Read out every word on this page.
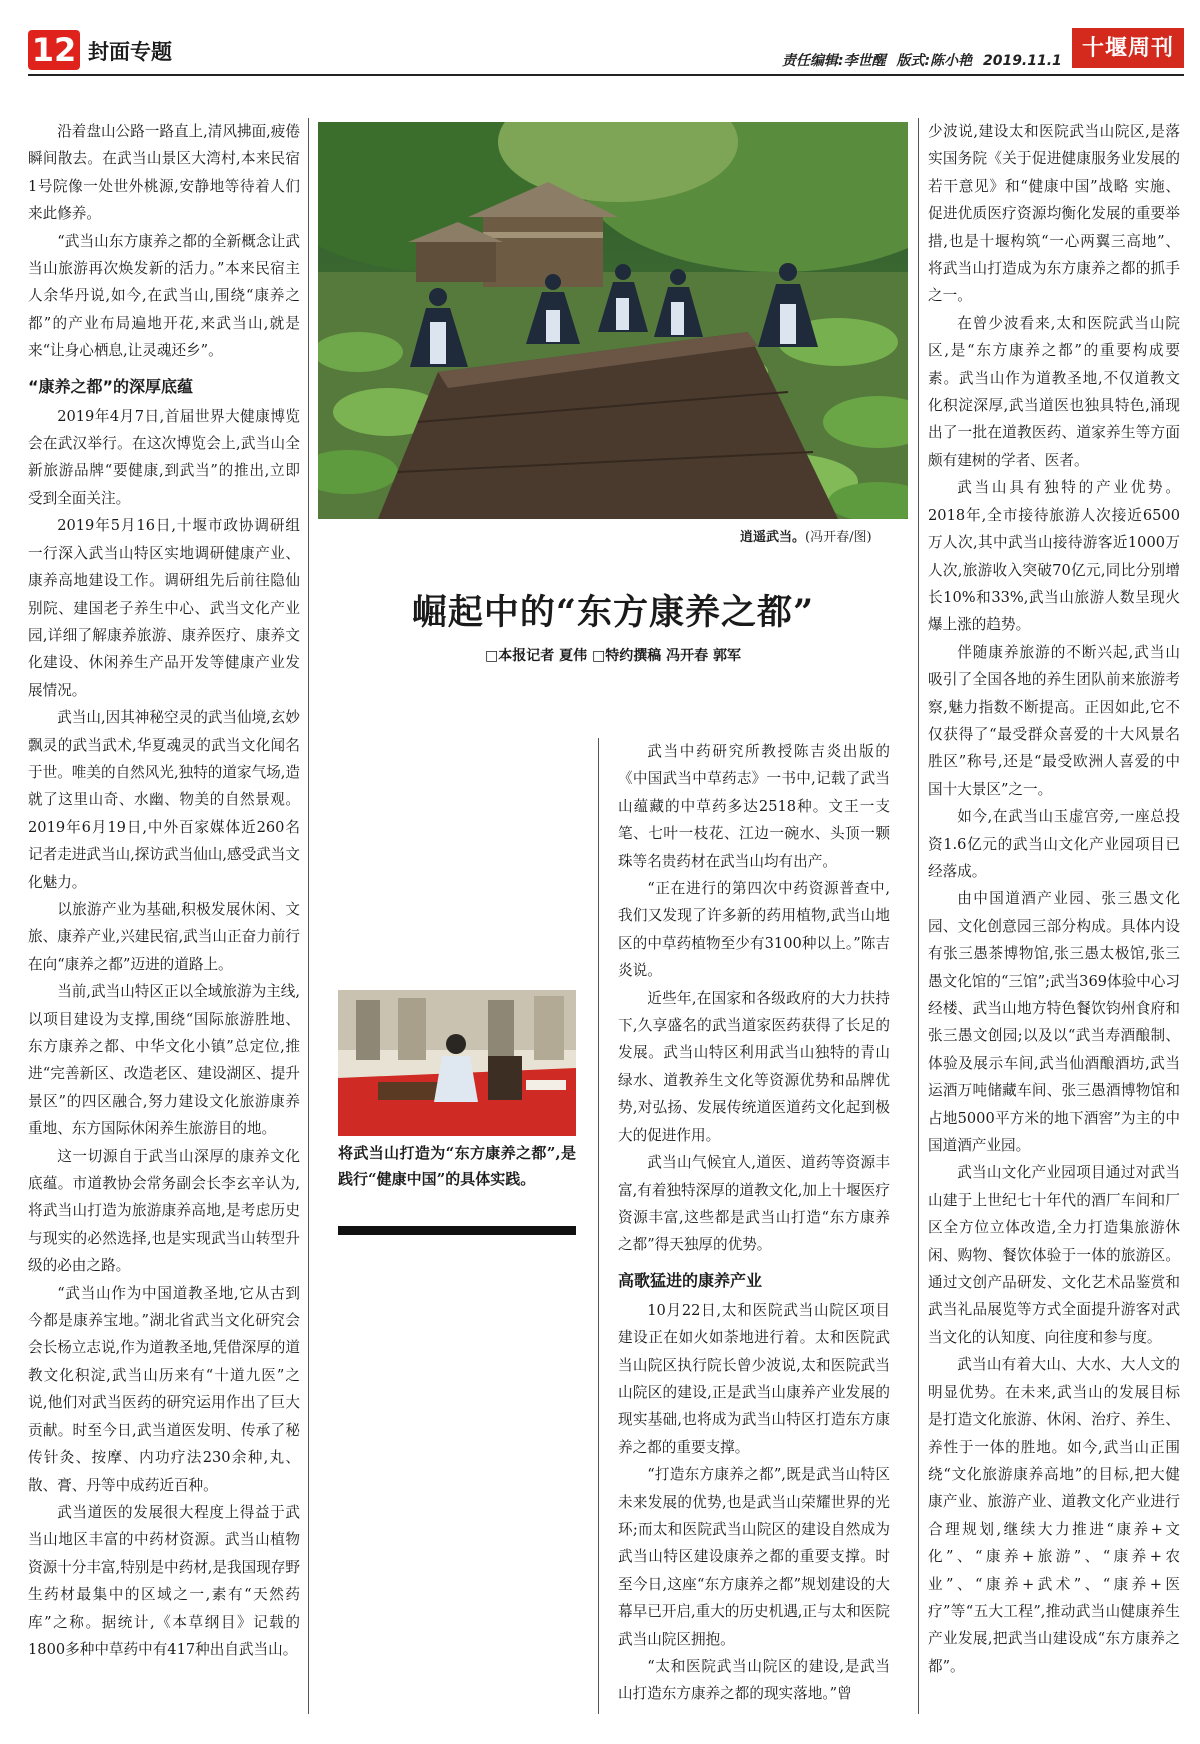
12 封面专题	责任编辑:李世醒 版式:陈小艳 2019.11.1 十堰周刊

沿着盘山公路一路直上,清风拂面,疲倦瞬间散去。在武当山景区大湾村,本来民宿1号院像一处世外桃源,安静地等待着人们来此修养。

“武当山东方康养之都的全新概念让武当山旅游再次焕发新的活力。”本来民宿主人余华丹说,如今,在武当山,围绕“康养之都”的产业布局遍地开花,来武当山,就是来“让身心栖息,让灵魂还乡”。

“康养之都”的深厚底蕴

2019年4月7日,首届世界大健康博览会在武汉举行。在这次博览会上,武当山全新旅游品牌“要健康,到武当”的推出,立即受到全面关注。

2019年5月16日,十堰市政协调研组一行深入武当山特区实地调研健康产业、康养高地建设工作。调研组先后前往隐仙别院、建国老子养生中心、武当文化产业园,详细了解康养旅游、康养医疗、康养文化建设、休闲养生产品开发等健康产业发展情况。

武当山,因其神秘空灵的武当仙境,玄妙飘灵的武当武术,华夏魂灵的武当文化闻名于世。唯美的自然风光,独特的道家气场,造就了这里山奇、水幽、物美的自然景观。2019年6月19日,中外百家媒体近260名记者走进武当山,探访武当仙山,感受武当文化魅力。

以旅游产业为基础,积极发展休闲、文旅、康养产业,兴建民宿,武当山正奋力前行在向“康养之都”迈进的道路上。

当前,武当山特区正以全域旅游为主线,以项目建设为支撑,围绕“国际旅游胜地、东方康养之都、中华文化小镇”总定位,推进“完善新区、改造老区、建设湖区、提升景区”的四区融合,努力建设文化旅游康养重地、东方国际休闲养生旅游目的地。

这一切源自于武当山深厚的康养文化底蕴。市道教协会常务副会长李玄辛认为,将武当山打造为旅游康养高地,是考虑历史与现实的必然选择,也是实现武当山转型升级的必由之路。

“武当山作为中国道教圣地,它从古到今都是康养宝地。”湖北省武当文化研究会会长杨立志说,作为道教圣地,凭借深厚的道教文化积淀,武当山历来有“十道九医”之说,他们对武当医药的研究运用作出了巨大贡献。时至今日,武当道医发明、传承了秘传针灸、按摩、内功疗法230余种,丸、散、膏、丹等中成药近百种。

武当道医的发展很大程度上得益于武当山地区丰富的中药材资源。武当山植物资源十分丰富,特别是中药材,是我国现存野生药材最集中的区域之一,素有“天然药库”之称。据统计,《本草纲目》记载的1800多种中草药中有417种出自武当山。

逍遥武当。(冯开春/图)
崛起中的“东方康养之都”
□本报记者 夏伟 □特约撰稿 冯开春 郭军
将武当山打造为“东方康养之都”,是践行“健康中国”的具体实践。

武当中药研究所教授陈吉炎出版的《中国武当中草药志》一书中,记载了武当山蕴藏的中草药多达2518种。文王一支笔、七叶一枝花、江边一碗水、头顶一颗珠等名贵药材在武当山均有出产。

“正在进行的第四次中药资源普查中,我们又发现了许多新的药用植物,武当山地区的中草药植物至少有3100种以上。”陈吉炎说。

近些年,在国家和各级政府的大力扶持下,久享盛名的武当道家医药获得了长足的发展。武当山特区利用武当山独特的青山绿水、道教养生文化等资源优势和品牌优势,对弘扬、发展传统道医道药文化起到极大的促进作用。

武当山气候宜人,道医、道药等资源丰富,有着独特深厚的道教文化,加上十堰医疗资源丰富,这些都是武当山打造“东方康养之都”得天独厚的优势。

高歌猛进的康养产业

10月22日,太和医院武当山院区项目建设正在如火如荼地进行着。太和医院武当山院区执行院长曾少波说,太和医院武当山院区的建设,正是武当山康养产业发展的现实基础,也将成为武当山特区打造东方康养之都的重要支撑。

“打造东方康养之都”,既是武当山特区未来发展的优势,也是武当山荣耀世界的光环;而太和医院武当山院区的建设自然成为武当山特区建设康养之都的重要支撑。时至今日,这座“东方康养之都”规划建设的大幕早已开启,重大的历史机遇,正与太和医院武当山院区拥抱。

“太和医院武当山院区的建设,是武当山打造东方康养之都的现实落地。”曾

少波说,建设太和医院武当山院区,是落实国务院《关于促进健康服务业发展的若干意见》和“健康中国”战略 实施、促进优质医疗资源均衡化发展的重要举措,也是十堰构筑“一心两翼三高地”、将武当山打造成为东方康养之都的抓手之一。

在曾少波看来,太和医院武当山院区,是“东方康养之都”的重要构成要素。武当山作为道教圣地,不仅道教文化积淀深厚,武当道医也独具特色,涌现出了一批在道教医药、道家养生等方面颇有建树的学者、医者。

武当山具有独特的产业优势。2018年,全市接待旅游人次接近6500万人次,其中武当山接待游客近1000万人次,旅游收入突破70亿元,同比分别增长10%和33%,武当山旅游人数呈现火爆上涨的趋势。

伴随康养旅游的不断兴起,武当山吸引了全国各地的养生团队前来旅游考察,魅力指数不断提高。正因如此,它不仅获得了“最受群众喜爱的十大风景名胜区”称号,还是“最受欧洲人喜爱的中国十大景区”之一。

如今,在武当山玉虚宫旁,一座总投资1.6亿元的武当山文化产业园项目已经落成。

由中国道酒产业园、张三愚文化园、文化创意园三部分构成。具体内设有张三愚茶博物馆,张三愚太极馆,张三愚文化馆的“三馆”;武当369体验中心习经楼、武当山地方特色餐饮钧州食府和张三愚文创园;以及以“武当寿酒酿制、体验及展示车间,武当仙酒酿酒坊,武当运酒万吨储藏车间、张三愚酒博物馆和占地5000平方米的地下酒窖”为主的中国道酒产业园。

武当山文化产业园项目通过对武当山建于上世纪七十年代的酒厂车间和厂区全方位立体改造,全力打造集旅游休闲、购物、餐饮体验于一体的旅游区。通过文创产品研发、文化艺术品鉴赏和武当礼品展览等方式全面提升游客对武当文化的认知度、向往度和参与度。

武当山有着大山、大水、大人文的明显优势。在未来,武当山的发展目标是打造文化旅游、休闲、治疗、养生、养性于一体的胜地。如今,武当山正围绕“文化旅游康养高地”的目标,把大健康产业、旅游产业、道教文化产业进行合理规划,继续大力推进“康养+文化”、“康养+旅游”、“康养+农业”、“康养+武术”、“康养+医疗”等“五大工程”,推动武当山健康养生产业发展,把武当山建设成“东方康养之都”。
